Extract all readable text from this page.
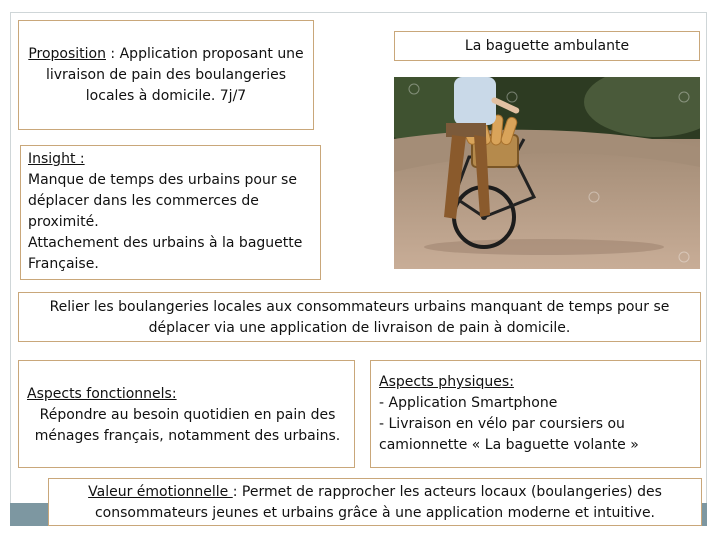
Proposition : Application proposant une livraison de pain des boulangeries locales à domicile. 7j/7
La baguette ambulante
Insight :
Manque de temps des urbains pour se déplacer dans les commerces de proximité.
Attachement des urbains à la baguette Française.
Relier les boulangeries locales aux consommateurs urbains manquant de temps pour se déplacer via une application de livraison de pain à domicile.
Aspects fonctionnels:
Répondre au besoin quotidien en pain des ménages français, notamment des urbains.
Aspects physiques:
- Application Smartphone
- Livraison en vélo par coursiers ou camionnette « La baguette volante »
Valeur émotionnelle : Permet de rapprocher les acteurs locaux (boulangeries) des consommateurs jeunes et urbains grâce à une application moderne et intuitive.
